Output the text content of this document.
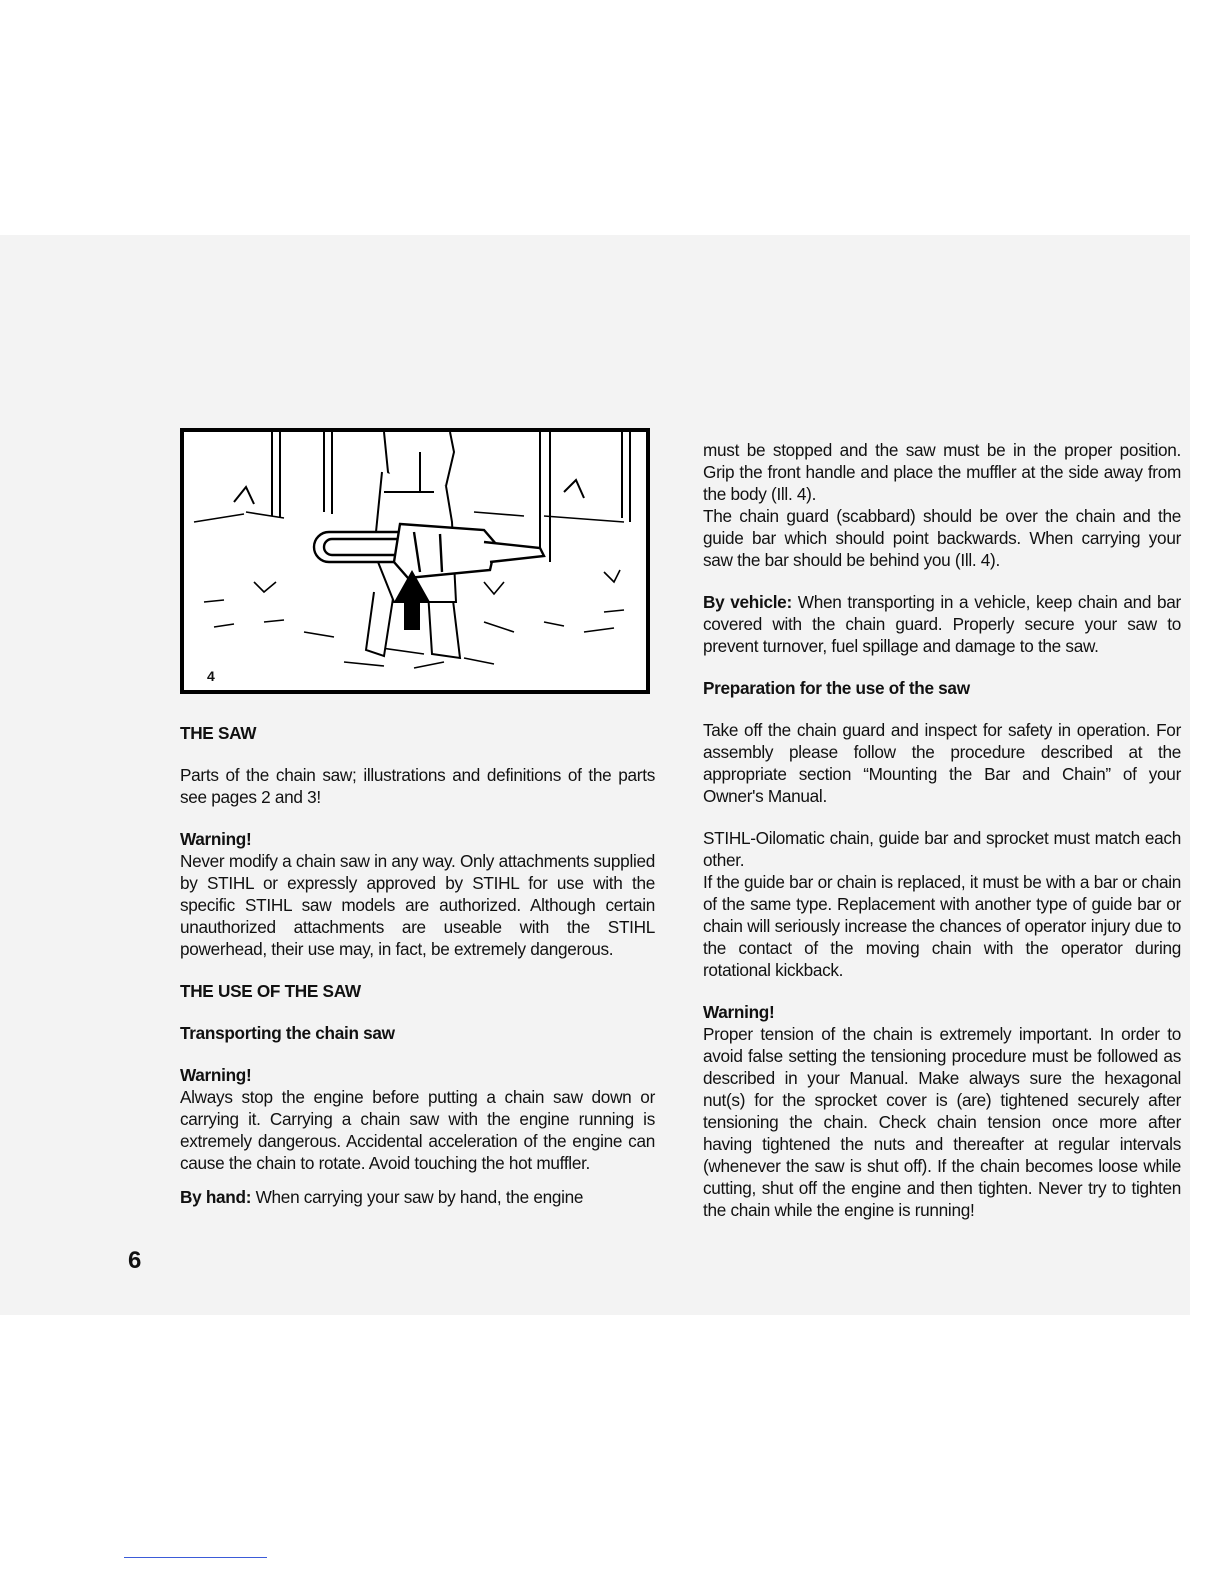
4

THE SAW

Parts of the chain saw; illustrations and definitions of the parts see pages 2 and 3!

Warning!

Never modify a chain saw in any way. Only attachments supplied by STIHL or expressly approved by STIHL for use with the specific STIHL saw models are authorized. Although certain unauthorized attachments are useable with the STIHL powerhead, their use may, in fact, be extremely dangerous.

THE USE OF THE SAW

Transporting the chain saw

Warning!

Always stop the engine before putting a chain saw down or carrying it. Carrying a chain saw with the engine running is extremely dangerous. Accidental acceleration of the engine can cause the chain to rotate. Avoid touching the hot muffler.

By hand: When carrying your saw by hand, the engine

6

must be stopped and the saw must be in the proper position. Grip the front handle and place the muffler at the side away from the body (Ill. 4).

The chain guard (scabbard) should be over the chain and the guide bar which should point backwards. When carrying your saw the bar should be behind you (Ill. 4).

By vehicle: When transporting in a vehicle, keep chain and bar covered with the chain guard. Properly secure your saw to prevent turnover, fuel spillage and damage to the saw.

Preparation for the use of the saw

Take off the chain guard and inspect for safety in operation. For assembly please follow the procedure described at the appropriate section “Mounting the Bar and Chain” of your Owner's Manual.

STIHL-Oilomatic chain, guide bar and sprocket must match each other.

If the guide bar or chain is replaced, it must be with a bar or chain of the same type. Replacement with another type of guide bar or chain will seriously increase the chances of operator injury due to the contact of the moving chain with the operator during rotational kickback.

Warning!

Proper tension of the chain is extremely important. In order to avoid false setting the tensioning procedure must be followed as described in your Manual. Make always sure the hexagonal nut(s) for the sprocket cover is (are) tightened securely after tensioning the chain. Check chain tension once more after having tightened the nuts and thereafter at regular intervals (whenever the saw is shut off). If the chain becomes loose while cutting, shut off the engine and then tighten. Never try to tighten the chain while the engine is running!
